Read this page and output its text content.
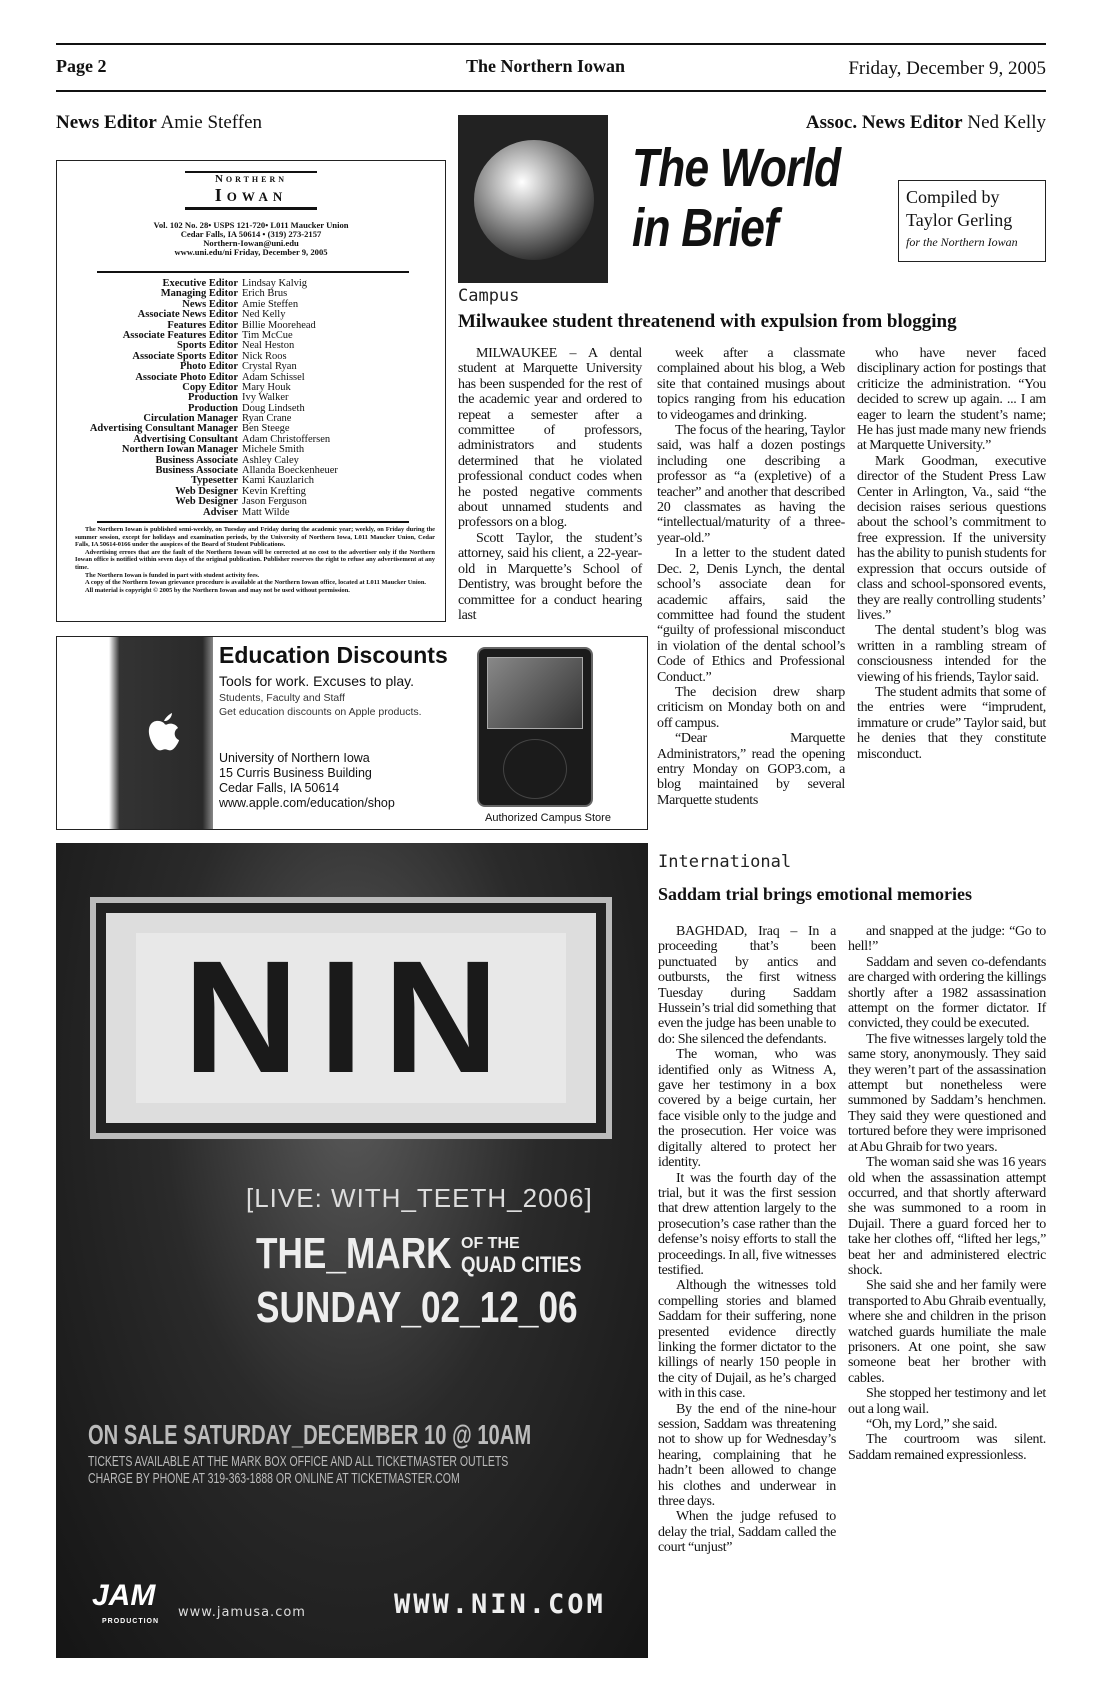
Page 2	The Northern Iowan	Friday, December 9, 2005
News Editor Amie Steffen	Assoc. News Editor Ned Kelly
Northern
Iowan
Vol. 102 No. 28• USPS 121-720• L011 Maucker Union
Cedar Falls, IA 50614 • (319) 273-2157
Northern-Iowan@uni.edu
www.uni.edu/ni Friday, December 9, 2005
Executive Editor Lindsay Kalvig
Managing Editor Erich Brus
News Editor Amie Steffen
Associate News Editor Ned Kelly
Features Editor Billie Moorehead
Associate Features Editor Tim McCue
Sports Editor Neal Heston
Associate Sports Editor Nick Roos
Photo Editor Crystal Ryan
Associate Photo Editor Adam Schissel
Copy Editor Mary Houk
Production Ivy Walker
Production Doug Lindseth
Circulation Manager Ryan Crane
Advertising Consultant Manager Ben Steege
Advertising Consultant Adam Christoffersen
Northern Iowan Manager Michele Smith
Business Associate Ashley Caley
Business Associate Allanda Boeckenheuer
Typesetter Kami Kauzlarich
Web Designer Kevin Krefting
Web Designer Jason Ferguson
Adviser Matt Wilde

The Northern Iowan is published semi-weekly, on Tuesday and Friday during the academic year; weekly, on Friday during the summer session, except for holidays and examination periods, by the University of Northern Iowa, L011 Maucker Union, Cedar Falls, IA 50614-0166 under the auspices of the Board of Student Publications.

Advertising errors that are the fault of the Northern Iowan will be corrected at no cost to the advertiser only if the Northern Iowan office is notified within seven days of the original publication. Publisher reserves the right to refuse any advertisement at any time.

The Northern Iowan is funded in part with student activity fees.

A copy of the Northern Iowan grievance procedure is available at the Northern Iowan office, located at L011 Maucker Union.

All material is copyright © 2005 by the Northern Iowan and may not be used without permission.

Education Discounts
Tools for work. Excuses to play.
Students, Faculty and Staff
Get education discounts on Apple products.
University of Northern Iowa
15 Curris Business Building
Cedar Falls, IA 50614
www.apple.com/education/shop
Authorized Campus Store
NIN
[LIVE: WITH_TEETH_2006]
THE_MARK OF THE
QUAD CITIES
SUNDAY_02_12_06
ON SALE SATURDAY_DECEMBER 10 @ 10AM
TICKETS AVAILABLE AT THE MARK BOX OFFICE AND ALL TICKETMASTER OUTLETS
CHARGE BY PHONE AT 319-363-1888 OR ONLINE AT TICKETMASTER.COM
JAM
PRODUCTION
www.jamusa.com	WWW.NIN.COM
The World
in Brief
Compiled by
Taylor Gerling
for the Northern Iowan
Campus
Milwaukee student threatenend with expulsion from blogging

MILWAUKEE – A dental student at Marquette University has been suspended for the rest of the academic year and ordered to repeat a semester after a committee of professors, administrators and students determined that he violated professional conduct codes when he posted negative comments about unnamed students and professors on a blog.

Scott Taylor, the student’s attorney, said his client, a 22-year-old in Marquette’s School of Dentistry, was brought before the committee for a conduct hearing last

week after a classmate complained about his blog, a Web site that contained musings about topics ranging from his education to videogames and drinking.

The focus of the hearing, Taylor said, was half a dozen postings including one describing a professor as “a (expletive) of a teacher” and another that described 20 classmates as having the “intellectual/maturity of a three-year-old.”

In a letter to the student dated Dec. 2, Denis Lynch, the dental school’s associate dean for academic affairs, said the committee had found the student “guilty of professional misconduct in violation of the dental school’s Code of Ethics and Professional Conduct.”

The decision drew sharp criticism on Monday both on and off campus.

“Dear Marquette Administrators,” read the opening entry Monday on GOP3.com, a blog maintained by several Marquette students

who have never faced disciplinary action for postings that criticize the administration. “You decided to screw up again. ... I am eager to learn the student’s name; He has just made many new friends at Marquette University.”

Mark Goodman, executive director of the Student Press Law Center in Arlington, Va., said “the decision raises serious questions about the school’s commitment to free expression. If the university has the ability to punish students for expression that occurs outside of class and school-sponsored events, they are really controlling students’ lives.”

The dental student’s blog was written in a rambling stream of consciousness intended for the viewing of his friends, Taylor said.

The student admits that some of the entries were “imprudent, immature or crude” Taylor said, but he denies that they constitute misconduct.

International
Saddam trial brings emotional memories

BAGHDAD, Iraq – In a proceeding that’s been punctuated by antics and outbursts, the first witness Tuesday during Saddam Hussein’s trial did something that even the judge has been unable to do: She silenced the defendants.

The woman, who was identified only as Witness A, gave her testimony in a box covered by a beige curtain, her face visible only to the judge and the prosecution. Her voice was digitally altered to protect her identity.

It was the fourth day of the trial, but it was the first session that drew attention largely to the prosecution’s case rather than the defense’s noisy efforts to stall the proceedings. In all, five witnesses testified.

Although the witnesses told compelling stories and blamed Saddam for their suffering, none presented evidence directly linking the former dictator to the killings of nearly 150 people in the city of Dujail, as he’s charged with in this case.

By the end of the nine-hour session, Saddam was threatening not to show up for Wednesday’s hearing, complaining that he hadn’t been allowed to change his clothes and underwear in three days.

When the judge refused to delay the trial, Saddam called the court “unjust”

and snapped at the judge: “Go to hell!”

Saddam and seven co-defendants are charged with ordering the killings shortly after a 1982 assassination attempt on the former dictator. If convicted, they could be executed.

The five witnesses largely told the same story, anonymously. They said they weren’t part of the assassination attempt but nonetheless were summoned by Saddam’s henchmen. They said they were questioned and tortured before they were imprisoned at Abu Ghraib for two years.

The woman said she was 16 years old when the assassination attempt occurred, and that shortly afterward she was summoned to a room in Dujail. There a guard forced her to take her clothes off, “lifted her legs,” beat her and administered electric shock.

She said she and her family were transported to Abu Ghraib eventually, where she and children in the prison watched guards humiliate the male prisoners. At one point, she saw someone beat her brother with cables.

She stopped her testimony and let out a long wail.

“Oh, my Lord,” she said.

The courtroom was silent. Saddam remained expressionless.
